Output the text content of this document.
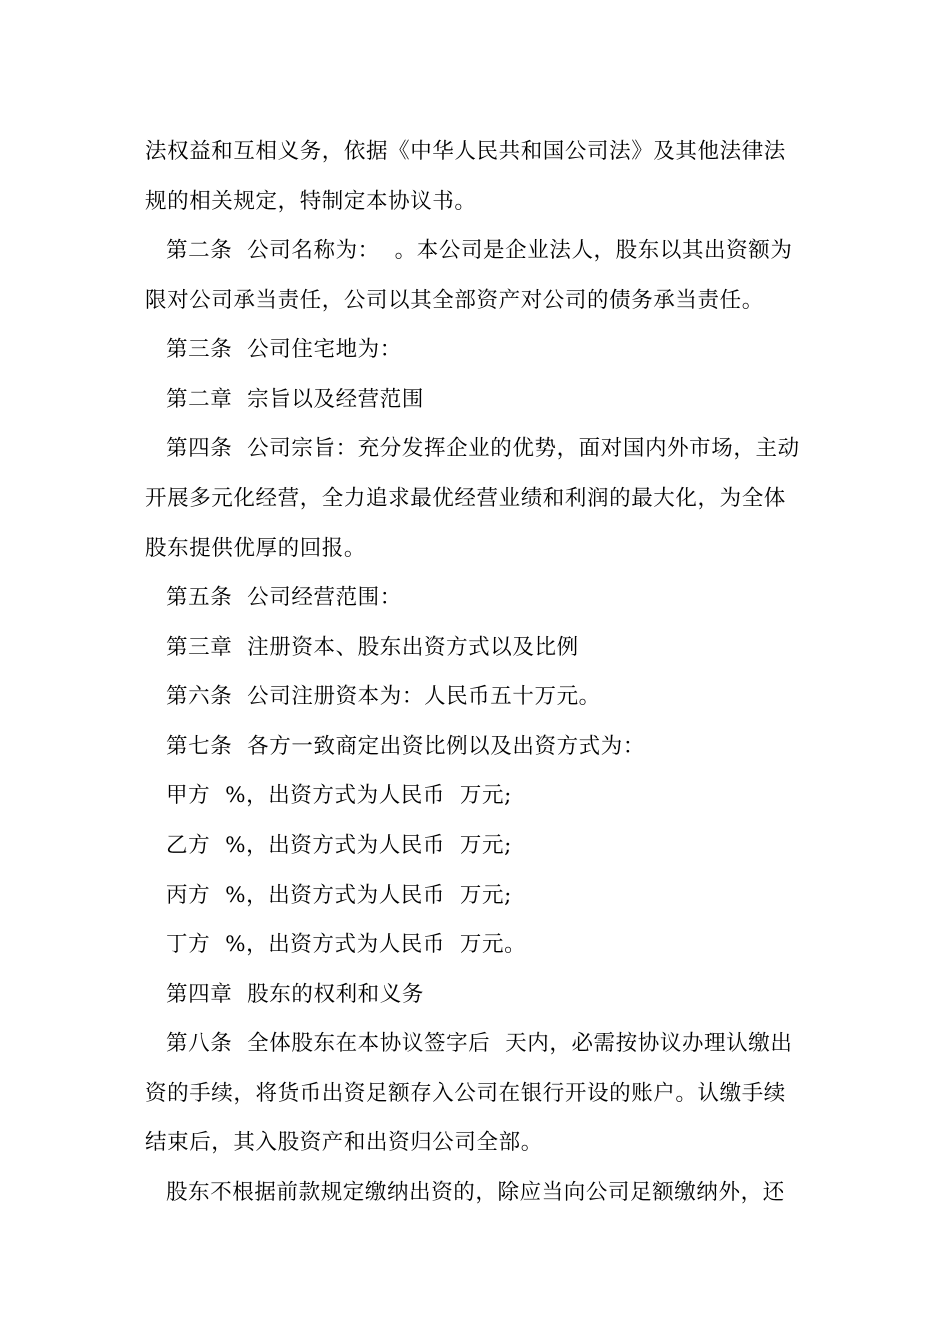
法权益和互相义务，依据《中华人民共和国公司法》及其他法律法
规的相关规定，特制定本协议书。
第二条  公司名称为：  。本公司是企业法人，股东以其出资额为
限对公司承当责任，公司以其全部资产对公司的债务承当责任。
第三条  公司住宅地为：
第二章  宗旨以及经营范围
第四条  公司宗旨：充分发挥企业的优势，面对国内外市场，主动
开展多元化经营，全力追求最优经营业绩和利润的最大化，为全体
股东提供优厚的回报。
第五条  公司经营范围：
第三章  注册资本、股东出资方式以及比例
第六条  公司注册资本为：人民币五十万元。
第七条  各方一致商定出资比例以及出资方式为：
甲方  %，出资方式为人民币  万元;
乙方  %，出资方式为人民币  万元;
丙方  %，出资方式为人民币  万元;
丁方  %，出资方式为人民币  万元。
第四章  股东的权利和义务
第八条  全体股东在本协议签字后  天内，必需按协议办理认缴出
资的手续，将货币出资足额存入公司在银行开设的账户。认缴手续
结束后，其入股资产和出资归公司全部。
股东不根据前款规定缴纳出资的，除应当向公司足额缴纳外，还
